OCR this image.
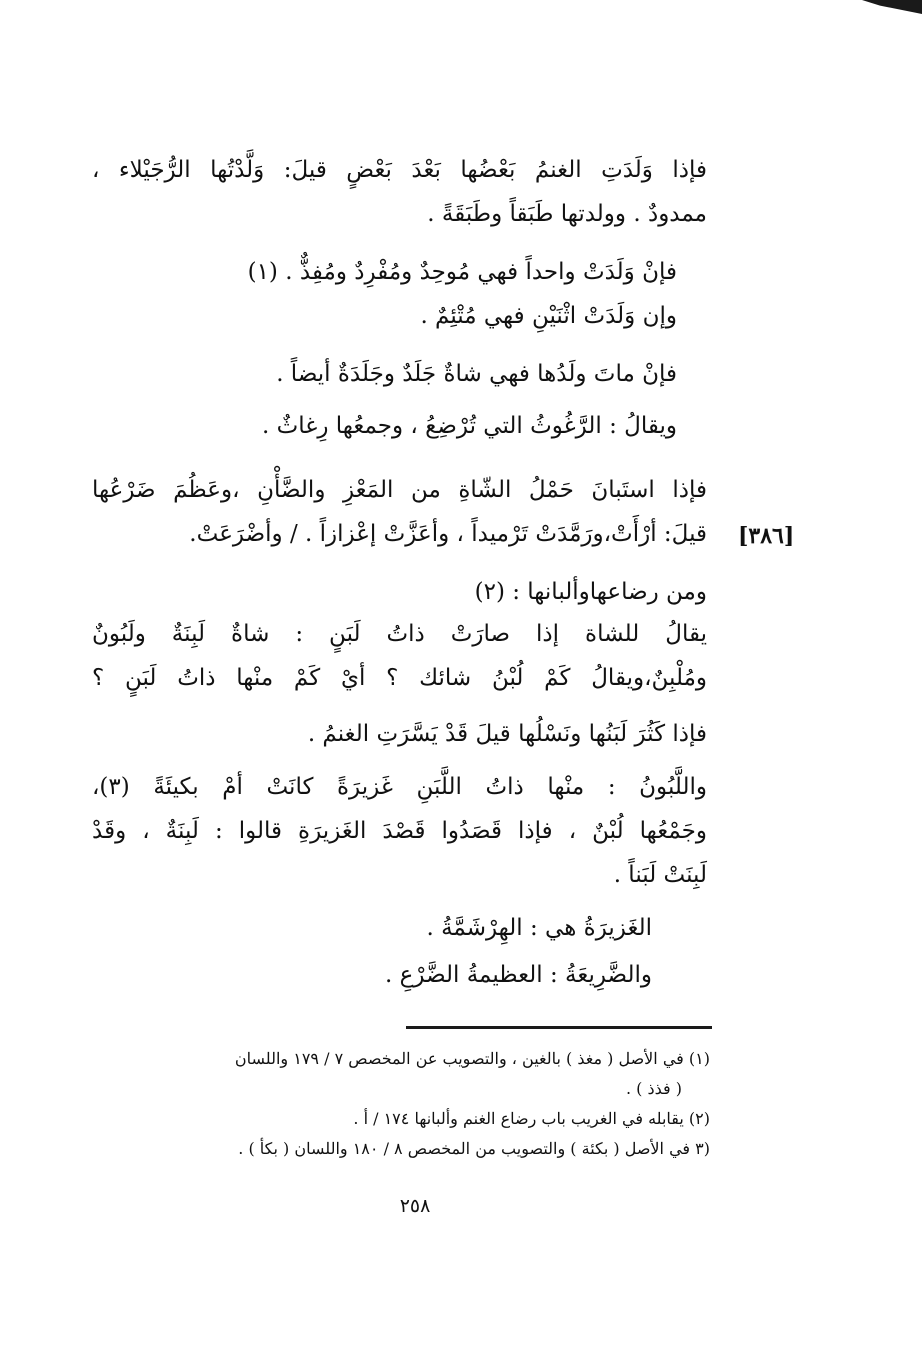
فإذا وَلَدَتِ الغنمُ بَعْضُها بَعْدَ بَعْضٍ قيلَ: وَلَّدْتُها الرُّجَيْلاء ،
ممدودٌ . وولدتها طَبَقاً وطَبَقَةً .
فإنْ وَلَدَتْ واحداً فهي مُوحِدٌ ومُفْرِدٌ ومُفِذٌّ . (١)
وإن وَلَدَتْ اثْنَيْنِ فهي مُتْئِمٌ .
فإنْ ماتَ ولَدُها فهي شاةٌ جَلَدٌ وجَلَدَةٌ أيضاً .
ويقالُ : الرَّغُوثُ التي تُرْضِعُ ، وجمعُها رِغاثٌ .
فإذا استَبانَ حَمْلُ الشّاةِ من المَعْزِ والضَّأْنِ ،وعَظُمَ ضَرْعُها
قيلَ: أرْأَتْ،ورَمَّدَتْ تَرْميداً ، وأعَزَّتْ إعْزازاً . / وأضْرَعَتْ. [٣٨٦]
ومن رضاعهاوألبانها : (٢)
يقالُ للشاة إذا صارَتْ ذاتُ لَبَنٍ : شاةٌ لَبِنَةٌ ولَبُونٌ
ومُلْبِنٌ،ويقالُ كَمْ لُبْنُ شائك ؟ أيْ كَمْ منْها ذاتُ لَبَنٍ ؟
فإذا كَثُرَ لَبَنُها ونَسْلُها قيلَ قَدْ يَسَّرَتِ الغنمُ .
واللَّبُونُ : منْها ذاتُ اللَّبَنِ غَزيرَةً كانَتْ أمْ بكيئَةً (٣)،
وجَمْعُها لُبْنٌ ، فإذا قَصَدُوا قَصْدَ الغَزيرَةِ قالوا : لَبِنَةٌ ، وقَدْ
لَبِنَتْ لَبَناً .
الغَزيرَةُ هي : الهِرْشَمَّةُ .
والضَّرِيعَةُ : العظيمةُ الضَّرْعِ .
(١) في الأصل ( مغذ ) بالغين ، والتصويب عن المخصص ٧ / ١٧٩ واللسان
( فذذ ) .
(٢) يقابله في الغريب باب رضاع الغنم وألبانها ١٧٤ / أ .
(٣ في الأصل ( بكئة ) والتصويب من المخصص ٨ / ١٨٠ واللسان ( بكأ ) .
٢٥٨
